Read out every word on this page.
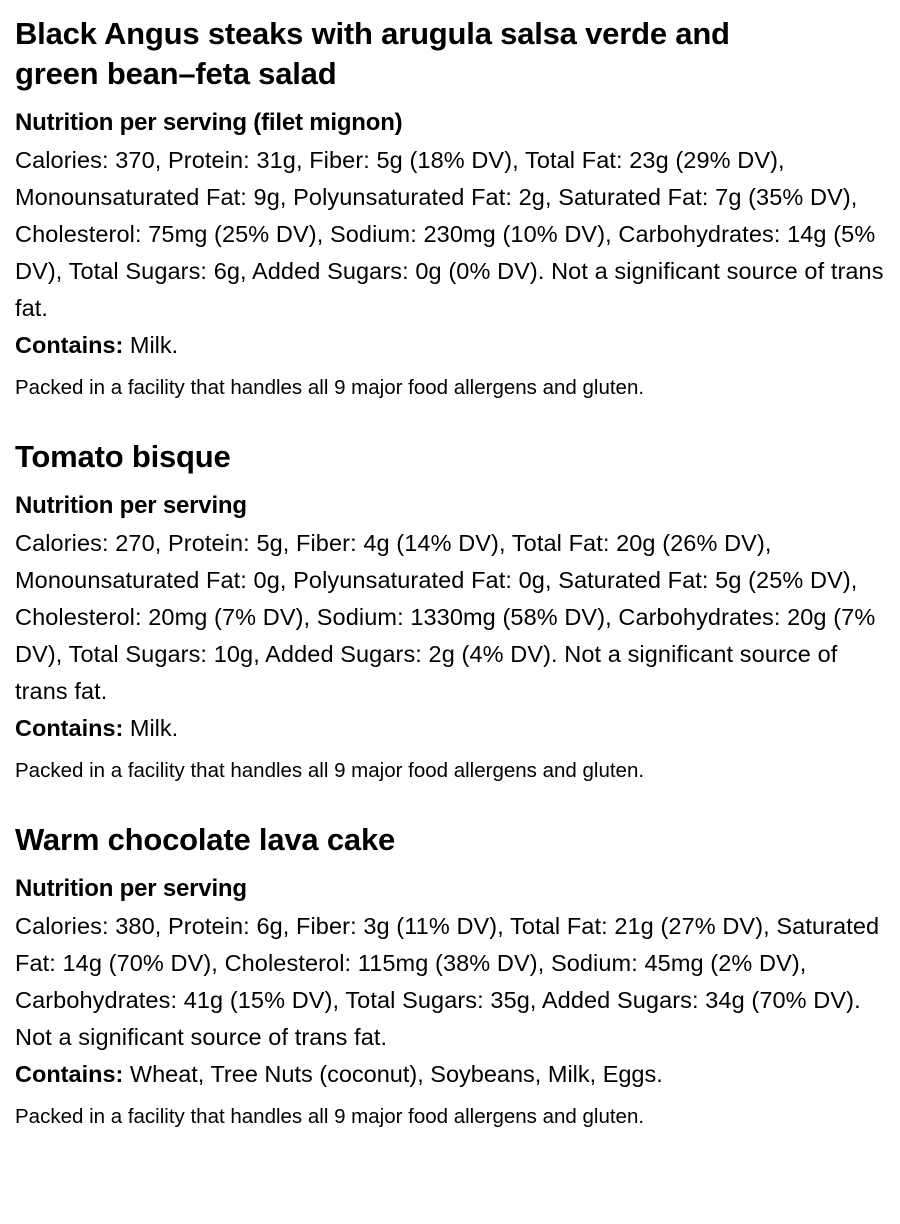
Black Angus steaks with arugula salsa verde and
green bean–feta salad
Nutrition per serving (filet mignon)

Calories: 370, Protein: 31g, Fiber: 5g (18% DV), Total Fat: 23g (29% DV), Monounsaturated Fat: 9g, Polyunsaturated Fat: 2g, Saturated Fat: 7g (35% DV), Cholesterol: 75mg (25% DV), Sodium: 230mg (10% DV), Carbohydrates: 14g (5% DV), Total Sugars: 6g, Added Sugars: 0g (0% DV). Not a significant source of trans fat.

Contains: Milk.

Packed in a facility that handles all 9 major food allergens and gluten.

Tomato bisque
Nutrition per serving

Calories: 270, Protein: 5g, Fiber: 4g (14% DV), Total Fat: 20g (26% DV), Monounsaturated Fat: 0g, Polyunsaturated Fat: 0g, Saturated Fat: 5g (25% DV), Cholesterol: 20mg (7% DV), Sodium: 1330mg (58% DV), Carbohydrates: 20g (7% DV), Total Sugars: 10g, Added Sugars: 2g (4% DV). Not a significant source of trans fat.

Contains: Milk.

Packed in a facility that handles all 9 major food allergens and gluten.

Warm chocolate lava cake
Nutrition per serving

Calories: 380, Protein: 6g, Fiber: 3g (11% DV), Total Fat: 21g (27% DV), Saturated Fat: 14g (70% DV), Cholesterol: 115mg (38% DV), Sodium: 45mg (2% DV), Carbohydrates: 41g (15% DV), Total Sugars: 35g, Added Sugars: 34g (70% DV). Not a significant source of trans fat.

Contains: Wheat, Tree Nuts (coconut), Soybeans, Milk, Eggs.

Packed in a facility that handles all 9 major food allergens and gluten.
